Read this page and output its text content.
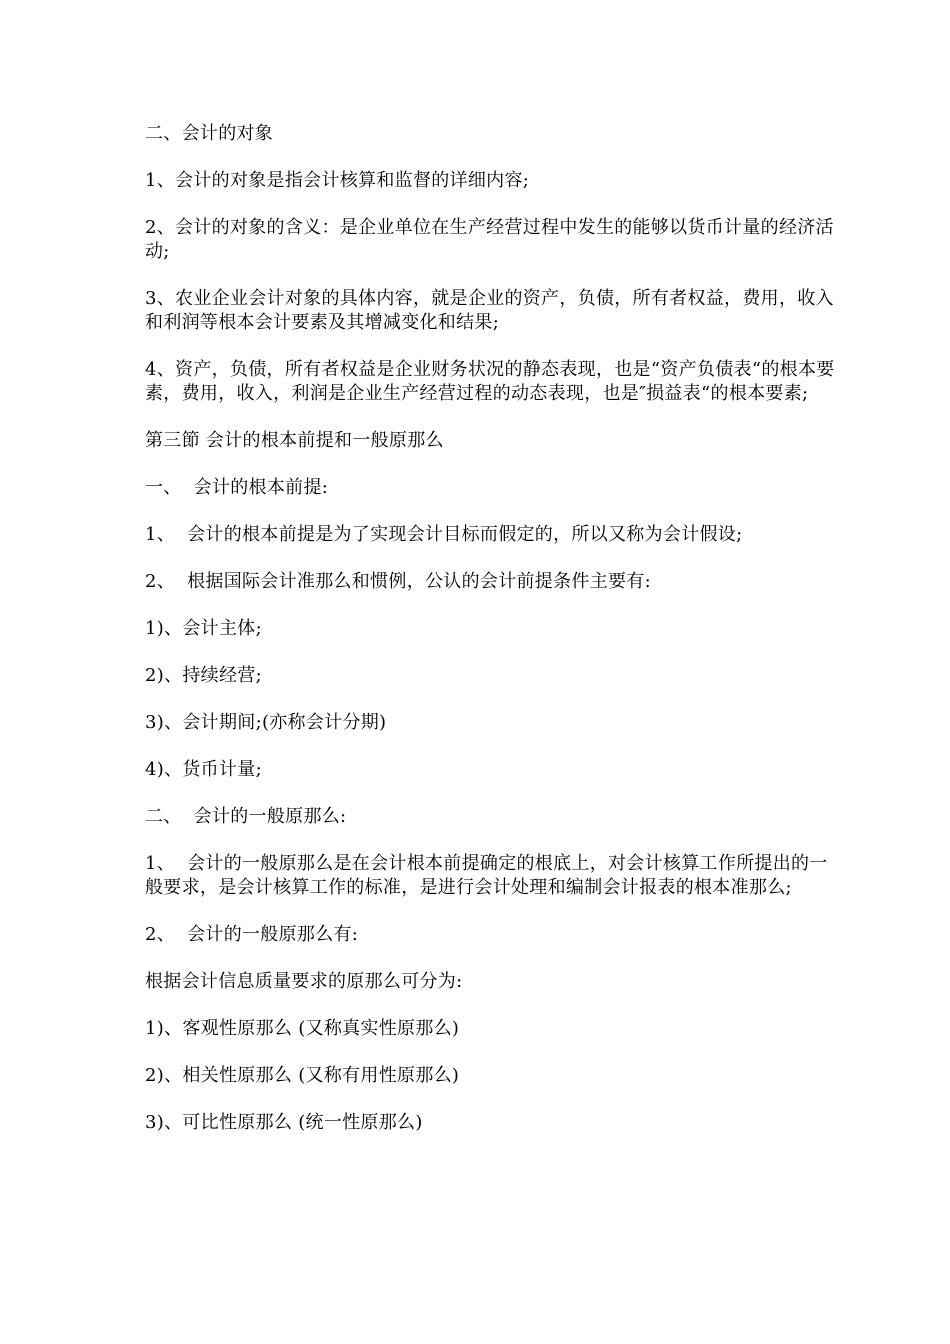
二、会计的对象

1、会计的对象是指会计核算和监督的详细内容;

2、会计的对象的含义：是企业单位在生产经营过程中发生的能够以货币计量的经济活动;

3、农业企业会计对象的具体内容，就是企业的资产，负债，所有者权益，费用，收入和利润等根本会计要素及其增减变化和结果;

4、资产，负债，所有者权益是企业财务状况的静态表现，也是“资产负债表“的根本要素，费用，收入，利润是企业生产经营过程的动态表现，也是″损益表“的根本要素;

第三節 会计的根本前提和一般原那么

一、  会计的根本前提:

1、  会计的根本前提是为了实现会计目标而假定的，所以又称为会计假设;

2、  根据国际会计准那么和惯例，公认的会计前提条件主要有:

1)、会计主体;

2)、持续经营;

3)、会计期间;(亦称会计分期)

4)、货币计量;

二、  会计的一般原那么:

1、  会计的一般原那么是在会计根本前提确定的根底上，对会计核算工作所提出的一般要求，是会计核算工作的标准，是进行会计处理和编制会计报表的根本准那么;

2、  会计的一般原那么有:

根据会计信息质量要求的原那么可分为:

1)、客观性原那么 (又称真实性原那么)

2)、相关性原那么 (又称有用性原那么)

3)、可比性原那么 (统一性原那么)
